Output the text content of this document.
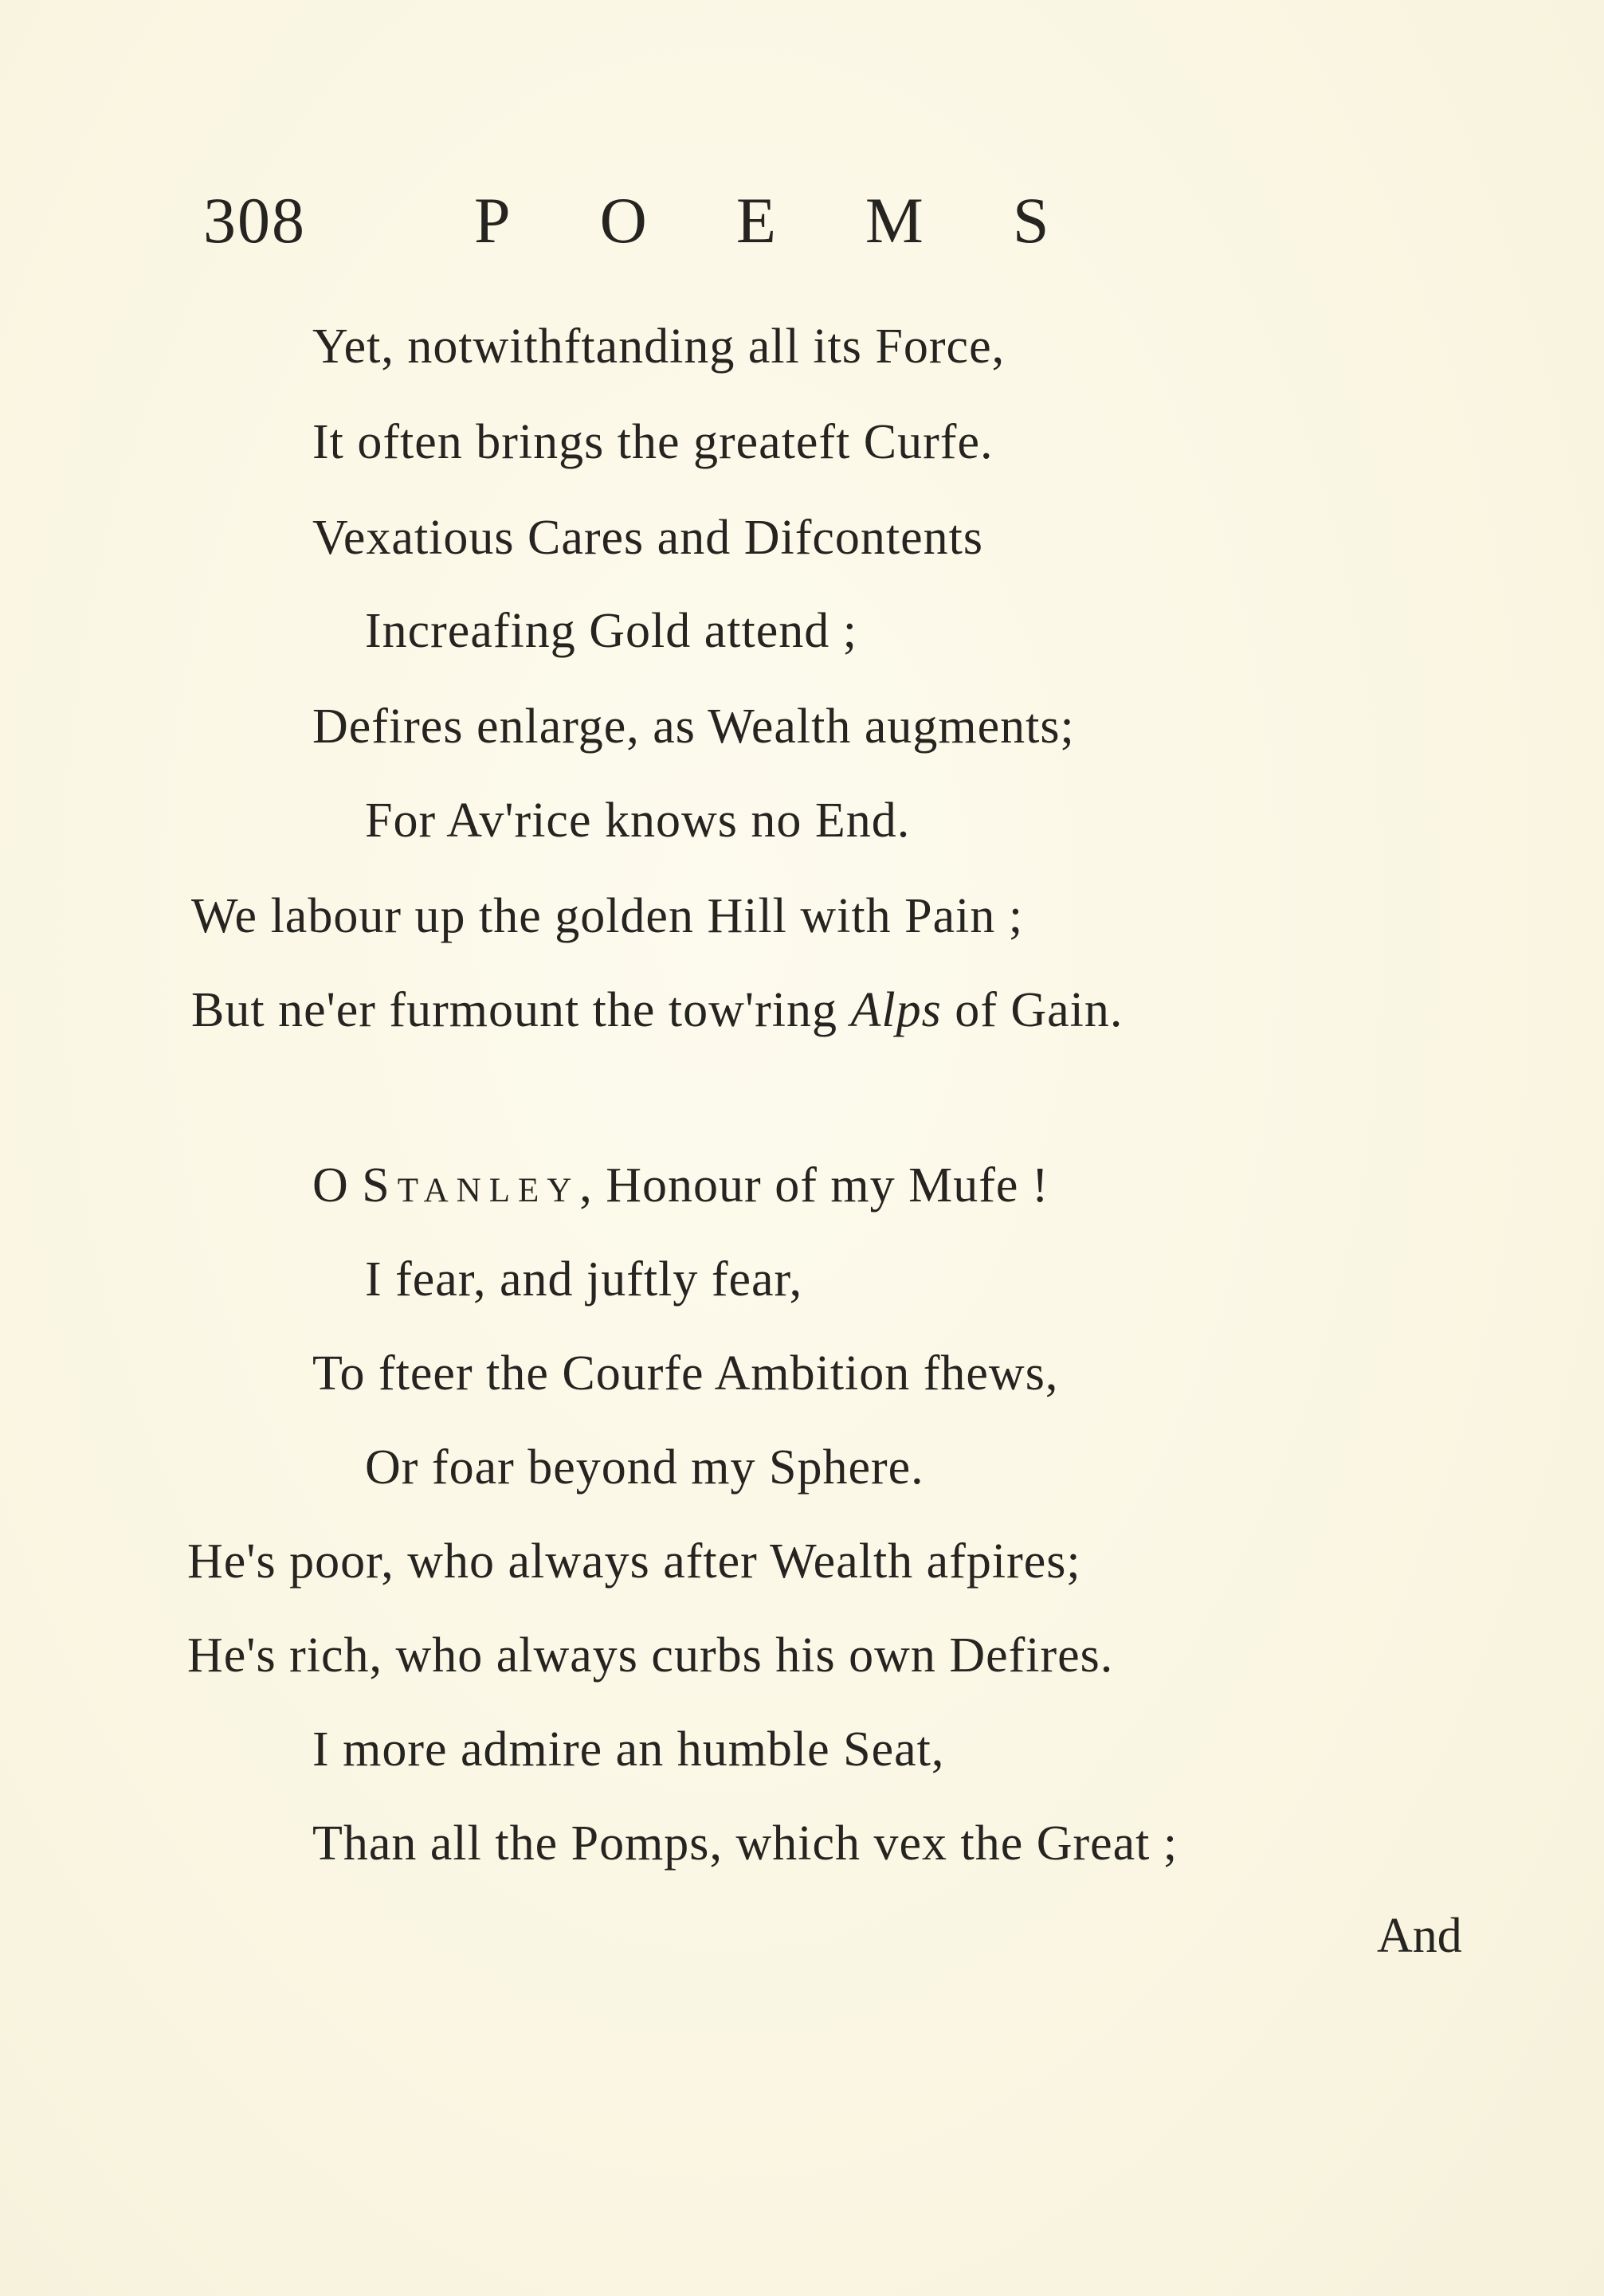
308	POEMS
Yet, notwithftanding all its Force,
It often brings the greateft Curfe.
Vexatious Cares and Difcontents
Increafing Gold attend ;
Defires enlarge, as Wealth augments;
For Av'rice knows no End.
We labour up the golden Hill with Pain ;
But ne'er furmount the tow'ring Alps of Gain.
O Stanley, Honour of my Mufe !
I fear, and juftly fear,
To fteer the Courfe Ambition fhews,
Or foar beyond my Sphere.
He's poor, who always after Wealth afpires;
He's rich, who always curbs his own Defires.
I more admire an humble Seat,
Than all the Pomps, which vex the Great ;
And
